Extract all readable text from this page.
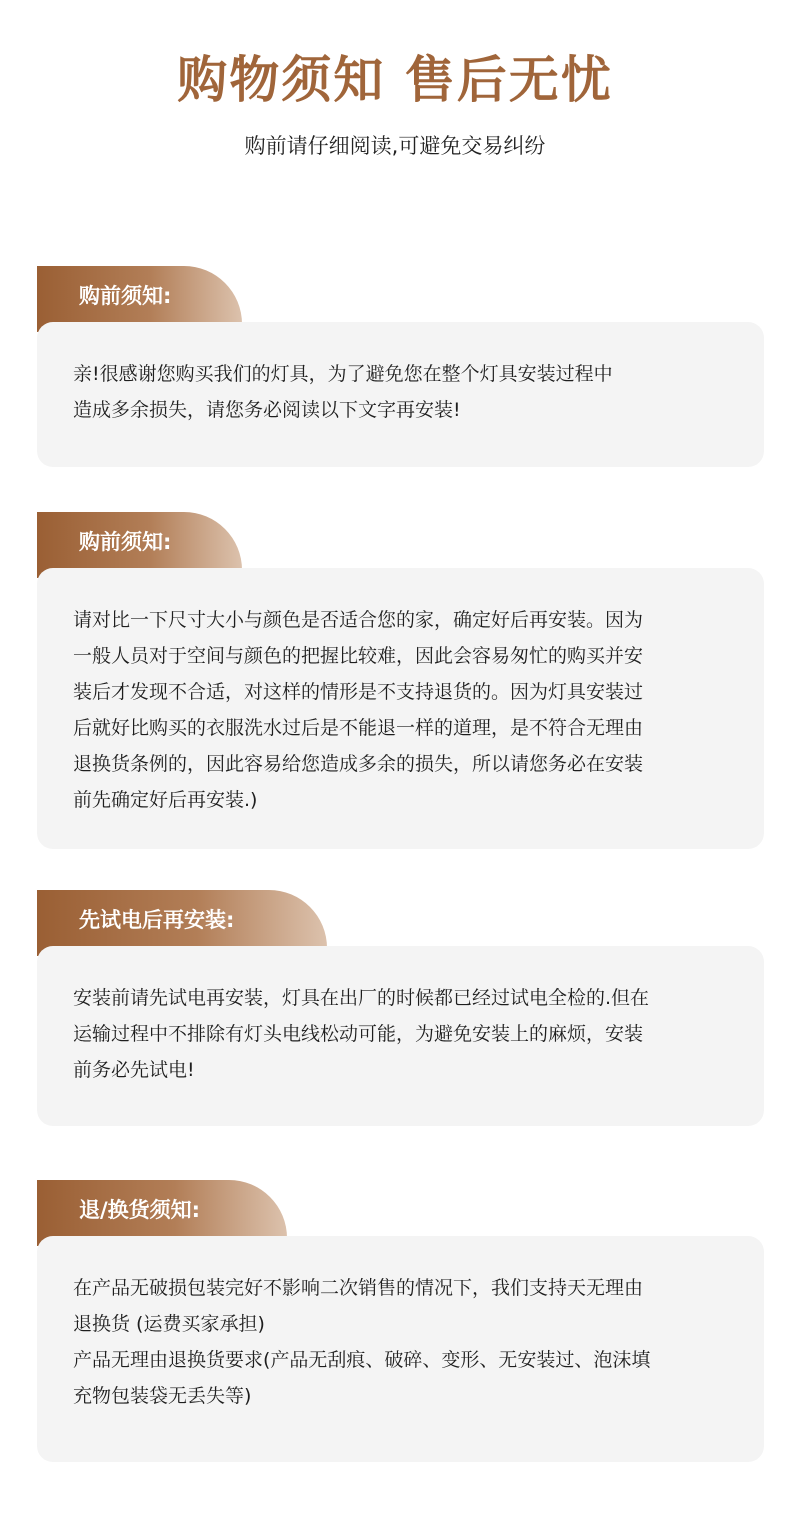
购物须知 售后无忧
购前请仔细阅读,可避免交易纠纷
购前须知:

亲!很感谢您购买我们的灯具，为了避免您在整个灯具安装过程中

造成多余损失，请您务必阅读以下文字再安装!

购前须知:

请对比一下尺寸大小与颜色是否适合您的家，确定好后再安装。因为

一般人员对于空间与颜色的把握比较难，因此会容易匆忙的购买并安

装后才发现不合适，对这样的情形是不支持退货的。因为灯具安装过

后就好比购买的衣服洗水过后是不能退一样的道理，是不符合无理由

退换货条例的，因此容易给您造成多余的损失，所以请您务必在安装

前先确定好后再安装.)

先试电后再安装:

安装前请先试电再安装，灯具在出厂的时候都已经过试电全检的.但在

运输过程中不排除有灯头电线松动可能，为避免安装上的麻烦，安装

前务必先试电!

退/换货须知:

在产品无破损包装完好不影响二次销售的情况下，我们支持天无理由

退换货 (运费买家承担)

产品无理由退换货要求(产品无刮痕、破碎、变形、无安装过、泡沫填

充物包装袋无丢失等)
